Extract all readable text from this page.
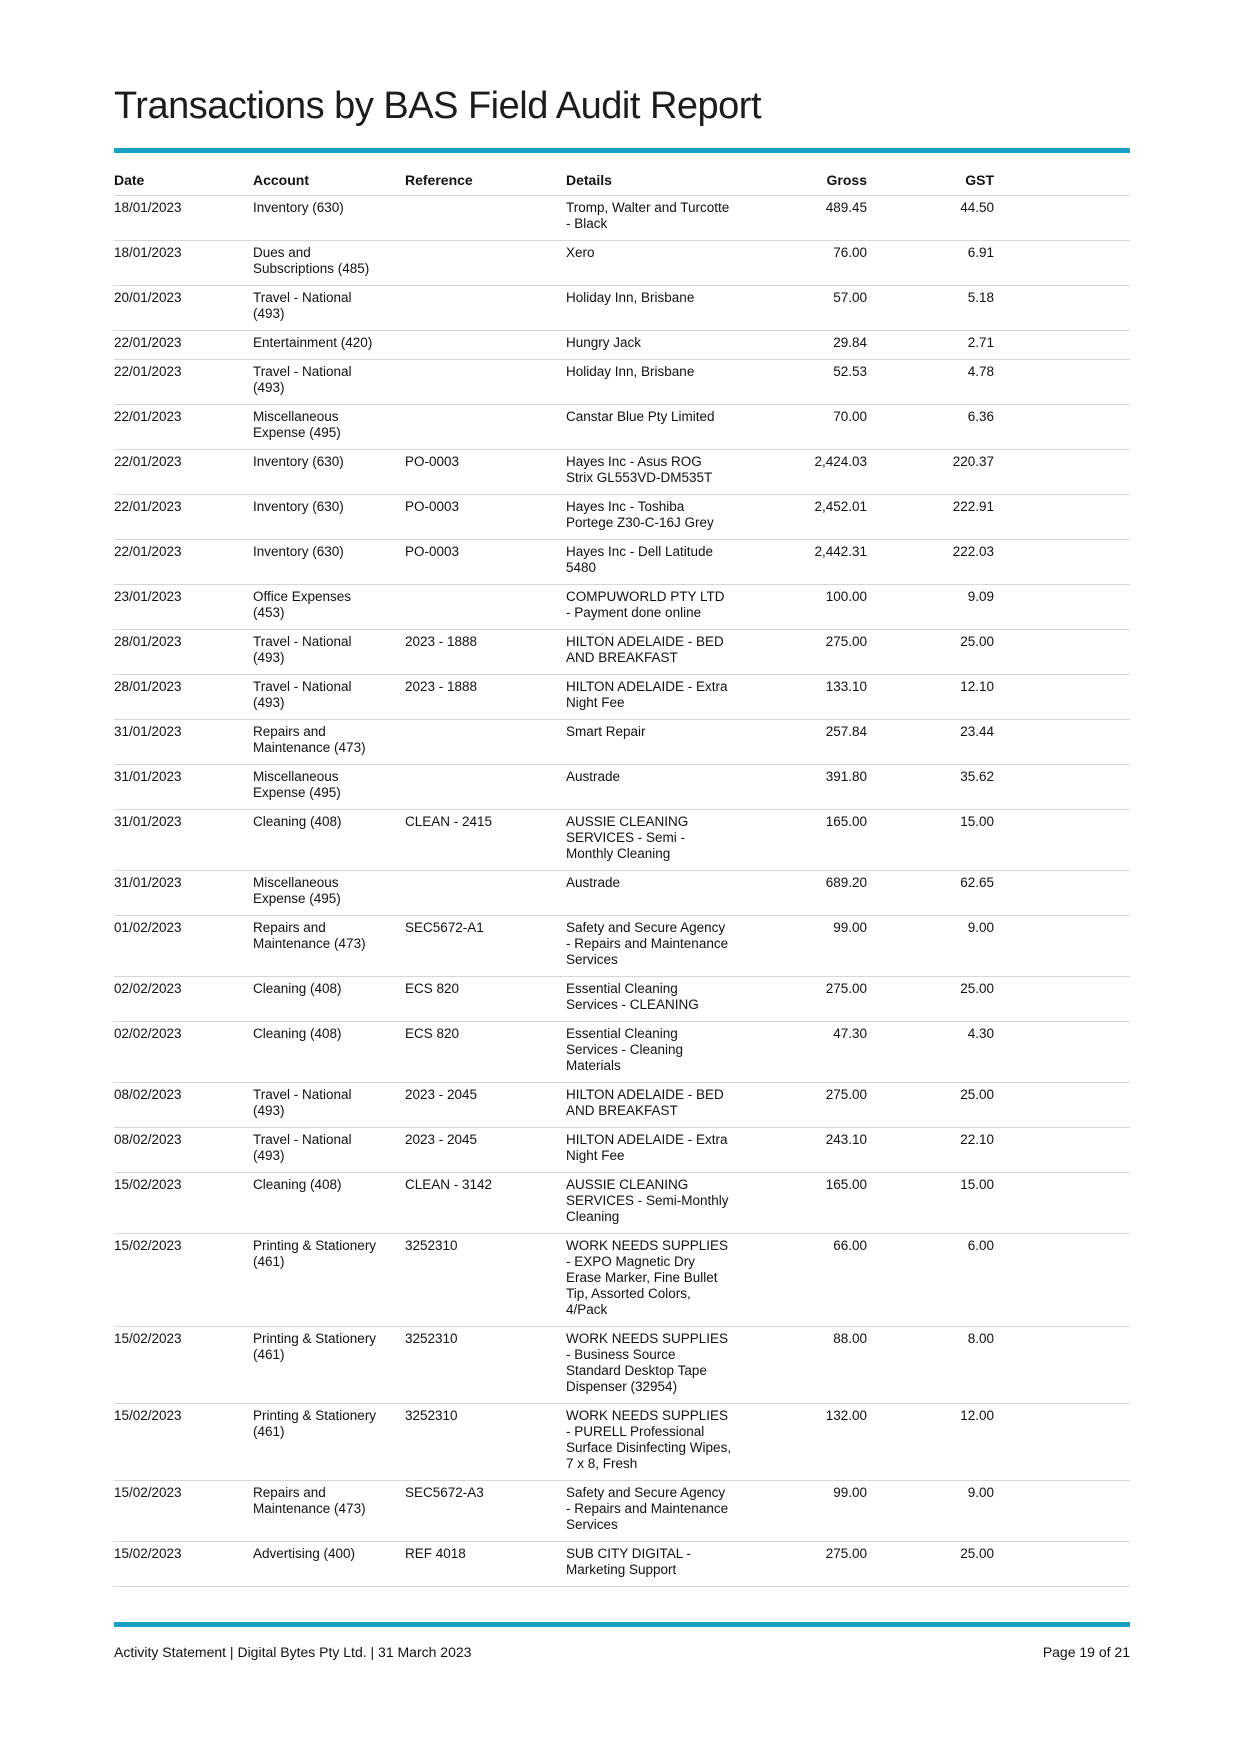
Transactions by BAS Field Audit Report
Date	Account	Reference	Details	Gross	GST	
18/01/2023	Inventory (630)		Tromp, Walter and Turcotte - Black	489.45	44.50	
18/01/2023	Dues and Subscriptions (485)		Xero	76.00	6.91	
20/01/2023	Travel - National (493)		Holiday Inn, Brisbane	57.00	5.18	
22/01/2023	Entertainment (420)		Hungry Jack	29.84	2.71	
22/01/2023	Travel - National (493)		Holiday Inn, Brisbane	52.53	4.78	
22/01/2023	Miscellaneous Expense (495)		Canstar Blue Pty Limited	70.00	6.36	
22/01/2023	Inventory (630)	PO-0003	Hayes Inc - Asus ROG Strix GL553VD-DM535T	2,424.03	220.37	
22/01/2023	Inventory (630)	PO-0003	Hayes Inc - Toshiba Portege Z30-C-16J Grey	2,452.01	222.91	
22/01/2023	Inventory (630)	PO-0003	Hayes Inc - Dell Latitude 5480	2,442.31	222.03	
23/01/2023	Office Expenses (453)		COMPUWORLD PTY LTD - Payment done online	100.00	9.09	
28/01/2023	Travel - National (493)	2023 - 1888	HILTON ADELAIDE - BED AND BREAKFAST	275.00	25.00	
28/01/2023	Travel - National (493)	2023 - 1888	HILTON ADELAIDE - Extra Night Fee	133.10	12.10	
31/01/2023	Repairs and Maintenance (473)		Smart Repair	257.84	23.44	
31/01/2023	Miscellaneous Expense (495)		Austrade	391.80	35.62	
31/01/2023	Cleaning (408)	CLEAN - 2415	AUSSIE CLEANING SERVICES - Semi - Monthly Cleaning	165.00	15.00	
31/01/2023	Miscellaneous Expense (495)		Austrade	689.20	62.65	
01/02/2023	Repairs and Maintenance (473)	SEC5672-A1	Safety and Secure Agency - Repairs and Maintenance Services	99.00	9.00	
02/02/2023	Cleaning (408)	ECS 820	Essential Cleaning Services - CLEANING	275.00	25.00	
02/02/2023	Cleaning (408)	ECS 820	Essential Cleaning Services - Cleaning Materials	47.30	4.30	
08/02/2023	Travel - National (493)	2023 - 2045	HILTON ADELAIDE - BED AND BREAKFAST	275.00	25.00	
08/02/2023	Travel - National (493)	2023 - 2045	HILTON ADELAIDE - Extra Night Fee	243.10	22.10	
15/02/2023	Cleaning (408)	CLEAN - 3142	AUSSIE CLEANING SERVICES - Semi-Monthly Cleaning	165.00	15.00	
15/02/2023	Printing & Stationery (461)	3252310	WORK NEEDS SUPPLIES - EXPO Magnetic Dry Erase Marker, Fine Bullet Tip, Assorted Colors, 4/Pack	66.00	6.00	
15/02/2023	Printing & Stationery (461)	3252310	WORK NEEDS SUPPLIES - Business Source Standard Desktop Tape Dispenser (32954)	88.00	8.00	
15/02/2023	Printing & Stationery (461)	3252310	WORK NEEDS SUPPLIES - PURELL Professional Surface Disinfecting Wipes, 7 x 8, Fresh	132.00	12.00	
15/02/2023	Repairs and Maintenance (473)	SEC5672-A3	Safety and Secure Agency - Repairs and Maintenance Services	99.00	9.00	
15/02/2023	Advertising (400)	REF 4018	SUB CITY DIGITAL - Marketing Support	275.00	25.00	
Activity Statement | Digital Bytes Pty Ltd. | 31 March 2023	Page 19 of 21
